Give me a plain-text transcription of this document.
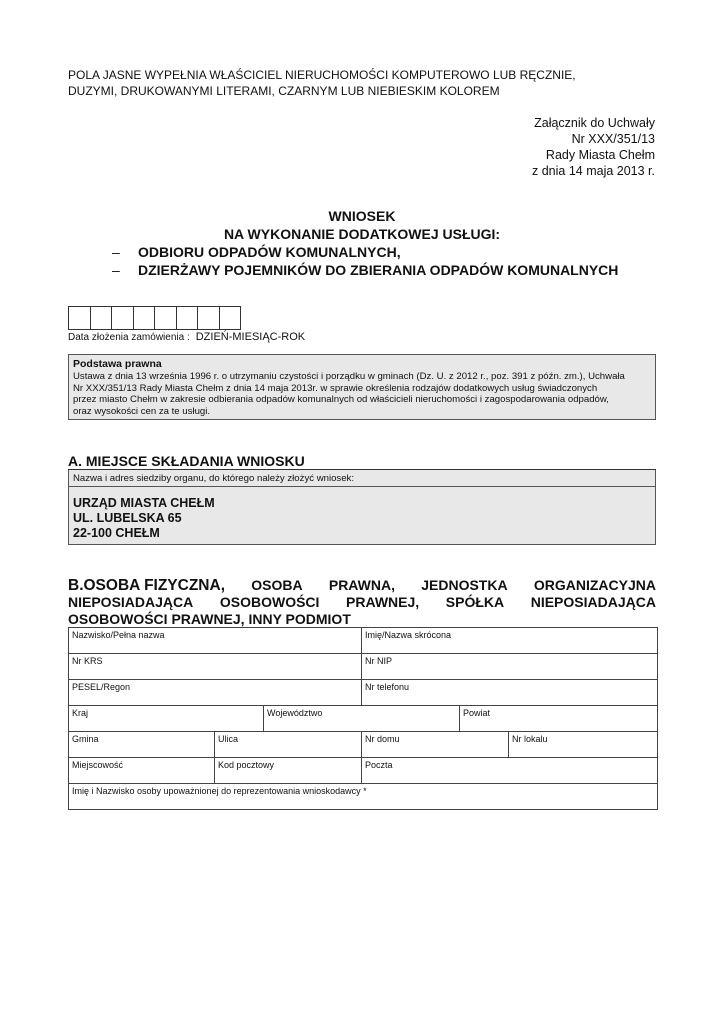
POLA JASNE WYPEŁNIA WŁAŚCICIEL NIERUCHOMOŚCI KOMPUTEROWO LUB RĘCZNIE,
DUZYMI, DRUKOWANYMI LITERAMI, CZARNYM LUB NIEBIESKIM KOLOREM
Załącznik do Uchwały
Nr XXX/351/13
Rady Miasta Chełm
z dnia 14 maja 2013 r.
WNIOSEK
NA WYKONANIE DODATKOWEJ USŁUGI:
– ODBIORU ODPADÓW KOMUNALNYCH,
– DZIERŻAWY POJEMNIKÓW DO ZBIERANIA ODPADÓW KOMUNALNYCH
Data złożenia zamówienia : DZIEŃ-MIESIĄC-ROK
Podstawa prawna
Ustawa z dnia 13 września 1996 r. o utrzymaniu czystości i porządku w gminach (Dz. U. z 2012 r., poz. 391 z późn. zm.), Uchwała
Nr XXX/351/13 Rady Miasta Chełm z dnia 14 maja 2013r. w sprawie określenia rodzajów dodatkowych usług świadczonych
przez miasto Chełm w zakresie odbierania odpadów komunalnych od właścicieli nieruchomości i zagospodarowania odpadów,
oraz wysokości cen za te usługi.
A. MIEJSCE SKŁADANIA WNIOSKU
Nazwa i adres siedziby organu, do którego należy złożyć wniosek:
URZĄD MIASTA CHEŁM
UL. LUBELSKA 65
22-100 CHEŁM
B.OSOBA FIZYCZNA, OSOBA PRAWNA, JEDNOSTKA ORGANIZACYJNA
NIEPOSIADAJĄCA OSOBOWOŚCI PRAWNEJ, SPÓŁKA NIEPOSIADAJĄCA
OSOBOWOŚCI PRAWNEJ, INNY PODMIOT
Nazwisko/Pełna nazwa			Imię/Nazwa skrócona		

Nr KRS			Nr NIP		

PESEL/Regon			Nr telefonu		

Kraj		Województwo		Powiat	

Gmina	Ulica		Nr domu		Nr lokalu

Miejscowość	Kod pocztowy		Poczta		

Imię i Nazwisko osoby upoważnionej do reprezentowania wnioskodawcy *					
